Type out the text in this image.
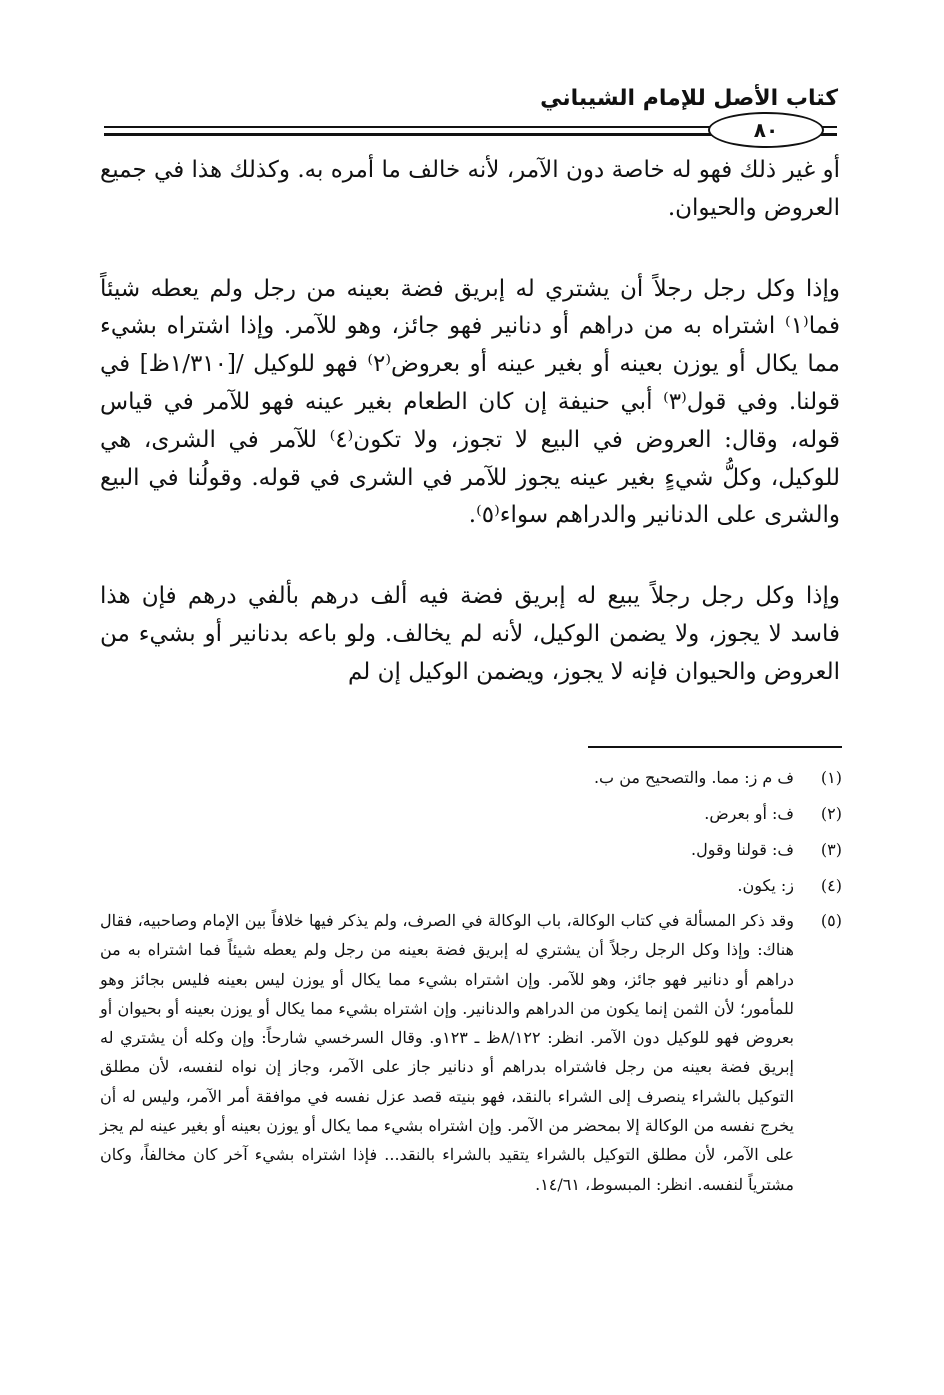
كتاب الأصل للإمام الشيباني
٨٠

أو غير ذلك فهو له خاصة دون الآمر، لأنه خالف ما أمره به. وكذلك هذا في جميع العروض والحيوان.

وإذا وكل رجل رجلاً أن يشتري له إبريق فضة بعينه من رجل ولم يعطه شيئاً فما⁽١⁾ اشتراه به من دراهم أو دنانير فهو جائز، وهو للآمر. وإذا اشتراه بشيء مما يكال أو يوزن بعينه أو بغير عينه أو بعروض⁽٢⁾ فهو للوكيل /[١/٣١٠ظ] في قولنا. وفي قول⁽٣⁾ أبي حنيفة إن كان الطعام بغير عينه فهو للآمر في قياس قوله، وقال: العروض في البيع لا تجوز، ولا تكون⁽٤⁾ للآمر في الشرى، هي للوكيل، وكلُّ شيءٍ بغير عينه يجوز للآمر في الشرى في قوله. وقولُنا في البيع والشرى على الدنانير والدراهم سواء⁽٥⁾.

وإذا وكل رجل رجلاً يبيع له إبريق فضة فيه ألف درهم بألفي درهم فإن هذا فاسد لا يجوز، ولا يضمن الوكيل، لأنه لم يخالف. ولو باعه بدنانير أو بشيء من العروض والحيوان فإنه لا يجوز، ويضمن الوكيل إن لم

(١)
ف م ز: مما. والتصحيح من ب.
(٢)
ف: أو بعرض.
(٣)
ف: قولنا وقول.
(٤)
ز: يكون.
(٥)
وقد ذكر المسألة في كتاب الوكالة، باب الوكالة في الصرف، ولم يذكر فيها خلافاً بين الإمام وصاحبيه، فقال هناك: وإذا وكل الرجل رجلاً أن يشتري له إبريق فضة بعينه من رجل ولم يعطه شيئاً فما اشتراه به من دراهم أو دنانير فهو جائز، وهو للآمر. وإن اشتراه بشيء مما يكال أو يوزن ليس بعينه فليس بجائز وهو للمأمور؛ لأن الثمن إنما يكون من الدراهم والدنانير. وإن اشتراه بشيء مما يكال أو يوزن بعينه أو بحيوان أو بعروض فهو للوكيل دون الآمر. انظر: ٨/١٢٢ظ ـ ١٢٣و. وقال السرخسي شارحاً: وإن وكله أن يشتري له إبريق فضة بعينه من رجل فاشتراه بدراهم أو دنانير جاز على الآمر، وجاز إن نواه لنفسه، لأن مطلق التوكيل بالشراء ينصرف إلى الشراء بالنقد، فهو بنيته قصد عزل نفسه في موافقة أمر الآمر، وليس له أن يخرج نفسه من الوكالة إلا بمحضر من الآمر. وإن اشتراه بشيء مما يكال أو يوزن بعينه أو بغير عينه لم يجز على الآمر، لأن مطلق التوكيل بالشراء يتقيد بالشراء بالنقد... فإذا اشتراه بشيء آخر كان مخالفاً، وكان مشترياً لنفسه. انظر: المبسوط، ١٤/٦١.
